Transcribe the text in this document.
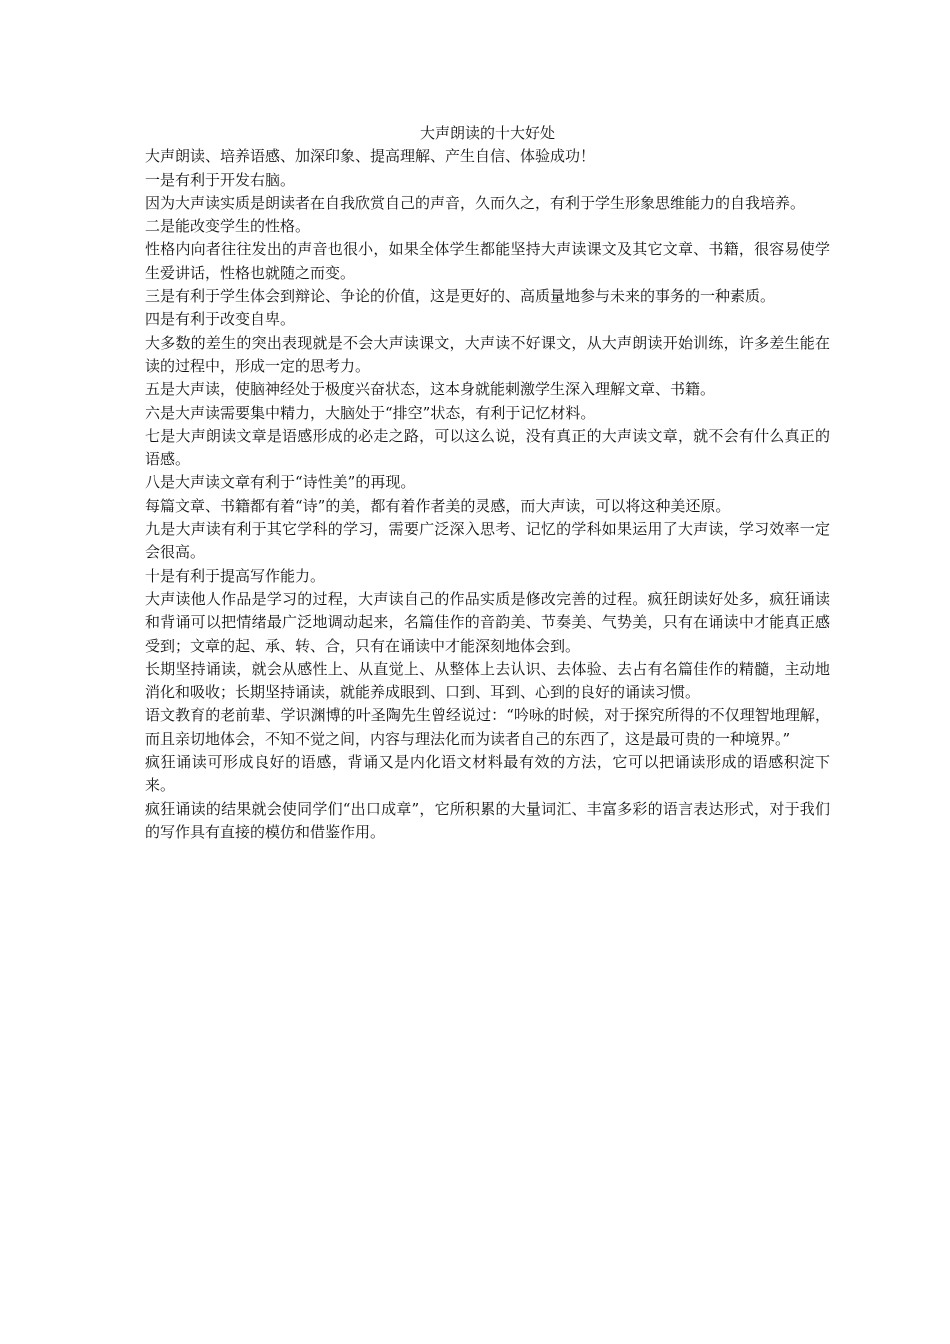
大声朗读的十大好处

大声朗读、培养语感、加深印象、提高理解、产生自信、体验成功！

一是有利于开发右脑。

因为大声读实质是朗读者在自我欣赏自己的声音，久而久之，有利于学生形象思维能力的自我培养。

二是能改变学生的性格。

性格内向者往往发出的声音也很小，如果全体学生都能坚持大声读课文及其它文章、书籍，很容易使学生爱讲话，性格也就随之而变。

三是有利于学生体会到辩论、争论的价值，这是更好的、高质量地参与未来的事务的一种素质。

四是有利于改变自卑。

大多数的差生的突出表现就是不会大声读课文，大声读不好课文，从大声朗读开始训练，许多差生能在读的过程中，形成一定的思考力。

五是大声读，使脑神经处于极度兴奋状态，这本身就能刺激学生深入理解文章、书籍。

六是大声读需要集中精力，大脑处于“排空”状态，有利于记忆材料。

七是大声朗读文章是语感形成的必走之路，可以这么说，没有真正的大声读文章，就不会有什么真正的语感。

八是大声读文章有利于“诗性美”的再现。

每篇文章、书籍都有着“诗”的美，都有着作者美的灵感，而大声读，可以将这种美还原。

九是大声读有利于其它学科的学习，需要广泛深入思考、记忆的学科如果运用了大声读，学习效率一定会很高。

十是有利于提高写作能力。

大声读他人作品是学习的过程，大声读自己的作品实质是修改完善的过程。疯狂朗读好处多，疯狂诵读和背诵可以把情绪最广泛地调动起来，名篇佳作的音韵美、节奏美、气势美，只有在诵读中才能真正感受到；文章的起、承、转、合，只有在诵读中才能深刻地体会到。

长期坚持诵读，就会从感性上、从直觉上、从整体上去认识、去体验、去占有名篇佳作的精髓，主动地消化和吸收；长期坚持诵读，就能养成眼到、口到、耳到、心到的良好的诵读习惯。

语文教育的老前辈、学识渊博的叶圣陶先生曾经说过：“吟咏的时候，对于探究所得的不仅理智地理解，而且亲切地体会，不知不觉之间，内容与理法化而为读者自己的东西了，这是最可贵的一种境界。”

疯狂诵读可形成良好的语感，背诵又是内化语文材料最有效的方法，它可以把诵读形成的语感积淀下来。

疯狂诵读的结果就会使同学们“出口成章”，它所积累的大量词汇、丰富多彩的语言表达形式，对于我们的写作具有直接的模仿和借鉴作用。
